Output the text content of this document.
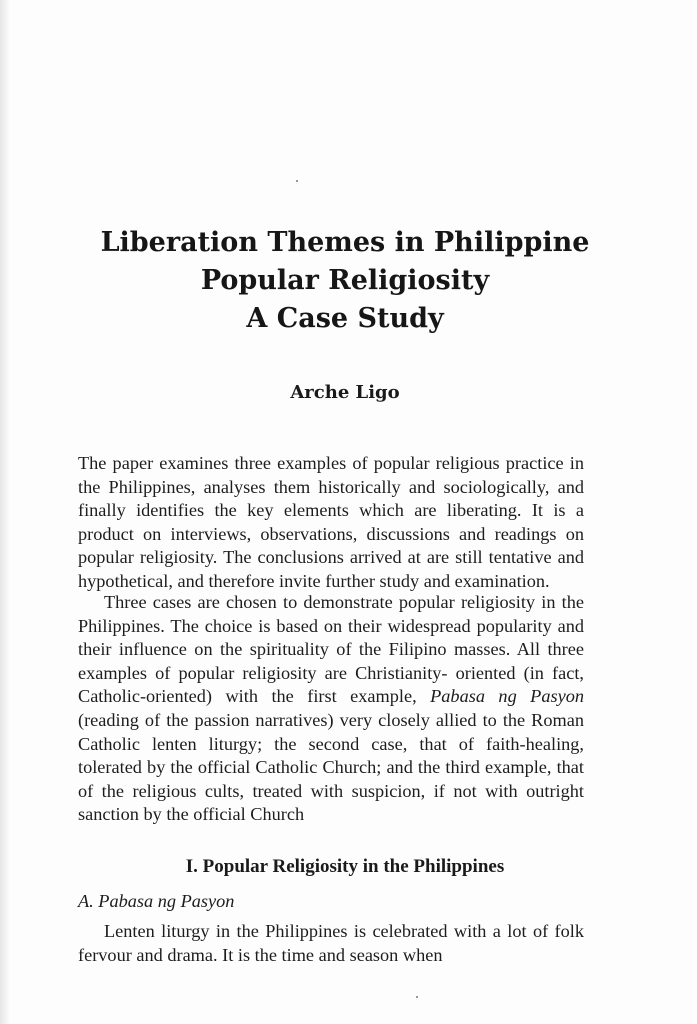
Liberation Themes in Philippine
Popular Religiosity
A Case Study
Arche Ligo
The paper examines three examples of popular religious practice in the Philippines, analyses them historically and sociologically, and finally identifies the key elements which are liberating. It is a product on interviews, observations, discussions and readings on popular religiosity. The conclusions arrived at are still tentative and hypothetical, and therefore invite further study and examination.
Three cases are chosen to demonstrate popular religiosity in the Philippines. The choice is based on their widespread popularity and their influence on the spirituality of the Filipino masses. All three examples of popular religiosity are Christianity- oriented (in fact, Catholic-oriented) with the first example, Pabasa ng Pasyon (reading of the passion narratives) very closely allied to the Roman Catholic lenten liturgy; the second case, that of faith-healing, tolerated by the official Catholic Church; and the third example, that of the religious cults, treated with suspicion, if not with outright sanction by the official Church
I. Popular Religiosity in the Philippines
A. Pabasa ng Pasyon
Lenten liturgy in the Philippines is celebrated with a lot of folk fervour and drama. It is the time and season when
